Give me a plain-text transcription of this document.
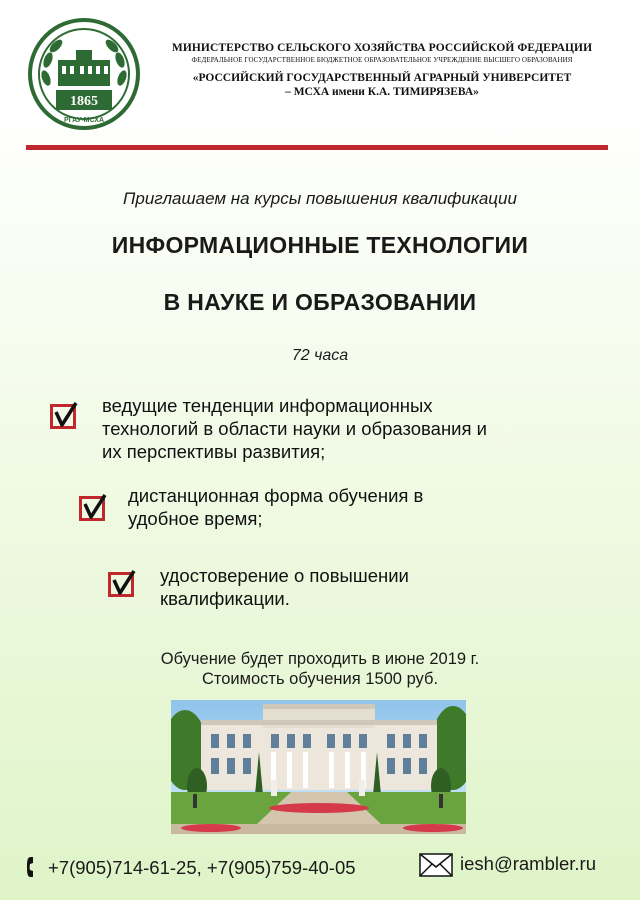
1865
РГАУ-МСХА
МИНИСТЕРСТВО СЕЛЬСКОГО ХОЗЯЙСТВА РОССИЙСКОЙ ФЕДЕРАЦИИ
ФЕДЕРАЛЬНОЕ ГОСУДАРСТВЕННОЕ БЮДЖЕТНОЕ ОБРАЗОВАТЕЛЬНОЕ УЧРЕЖДЕНИЕ ВЫСШЕГО ОБРАЗОВАНИЯ
«РОССИЙСКИЙ ГОСУДАРСТВЕННЫЙ АГРАРНЫЙ УНИВЕРСИТЕТ
– МСХА имени К.А. ТИМИРЯЗЕВА»
Приглашаем на курсы повышения квалификации
ИНФОРМАЦИОННЫЕ ТЕХНОЛОГИИ
В НАУКЕ И ОБРАЗОВАНИИ
72 часа
ведущие тенденции информационных
технологий в области науки и образования и
их перспективы развития;
дистанционная форма обучения в
удобное время;
удостоверение о повышении
квалификации.
Обучение будет проходить в июне 2019 г.
Стоимость обучения 1500 руб.
+7(905)714-61-25, +7(905)759-40-05	iesh@rambler.ru
